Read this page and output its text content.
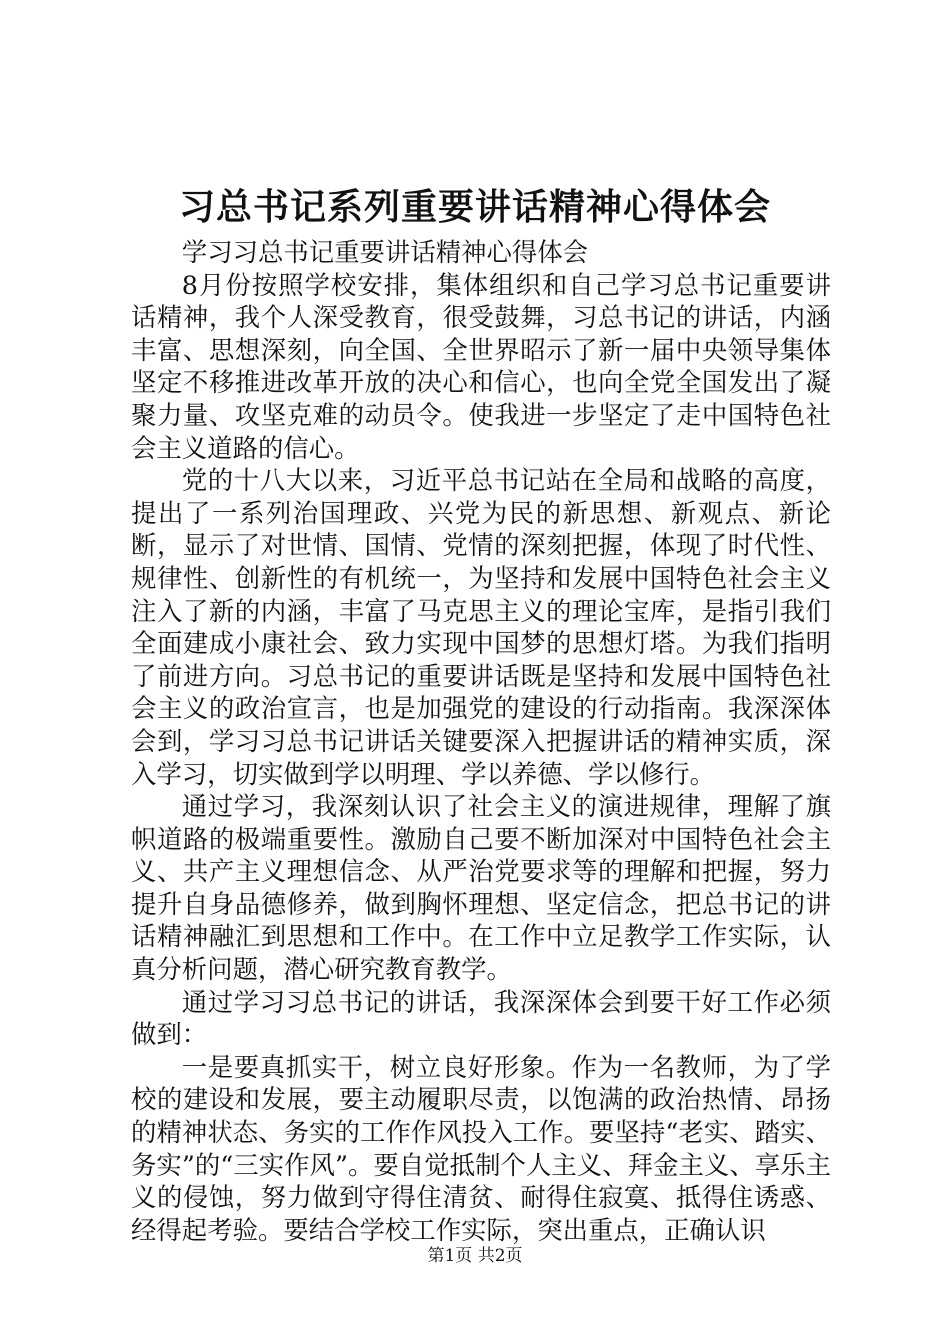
习总书记系列重要讲话精神心得体会

学习习总书记重要讲话精神心得体会

8月份按照学校安排，集体组织和自己学习总书记重要讲话精神，我个人深受教育，很受鼓舞，习总书记的讲话，内涵丰富、思想深刻，向全国、全世界昭示了新一届中央领导集体坚定不移推进改革开放的决心和信心，也向全党全国发出了凝聚力量、攻坚克难的动员令。使我进一步坚定了走中国特色社会主义道路的信心。

党的十八大以来，习近平总书记站在全局和战略的高度，提出了一系列治国理政、兴党为民的新思想、新观点、新论断，显示了对世情、国情、党情的深刻把握，体现了时代性、规律性、创新性的有机统一，为坚持和发展中国特色社会主义注入了新的内涵，丰富了马克思主义的理论宝库，是指引我们全面建成小康社会、致力实现中国梦的思想灯塔。为我们指明了前进方向。习总书记的重要讲话既是坚持和发展中国特色社会主义的政治宣言，也是加强党的建设的行动指南。我深深体会到，学习习总书记讲话关键要深入把握讲话的精神实质，深入学习，切实做到学以明理、学以养德、学以修行。

通过学习，我深刻认识了社会主义的演进规律，理解了旗帜道路的极端重要性。激励自己要不断加深对中国特色社会主义、共产主义理想信念、从严治党要求等的理解和把握，努力提升自身品德修养，做到胸怀理想、坚定信念，把总书记的讲话精神融汇到思想和工作中。在工作中立足教学工作实际，认真分析问题，潜心研究教育教学。

通过学习习总书记的讲话，我深深体会到要干好工作必须做到：

一是要真抓实干，树立良好形象。作为一名教师，为了学校的建设和发展，要主动履职尽责，以饱满的政治热情、昂扬的精神状态、务实的工作作风投入工作。要坚持“老实、踏实、务实”的“三实作风”。要自觉抵制个人主义、拜金主义、享乐主义的侵蚀，努力做到守得住清贫、耐得住寂寞、抵得住诱惑、经得起考验。要结合学校工作实际，突出重点，正确认识

第1页 共2页
